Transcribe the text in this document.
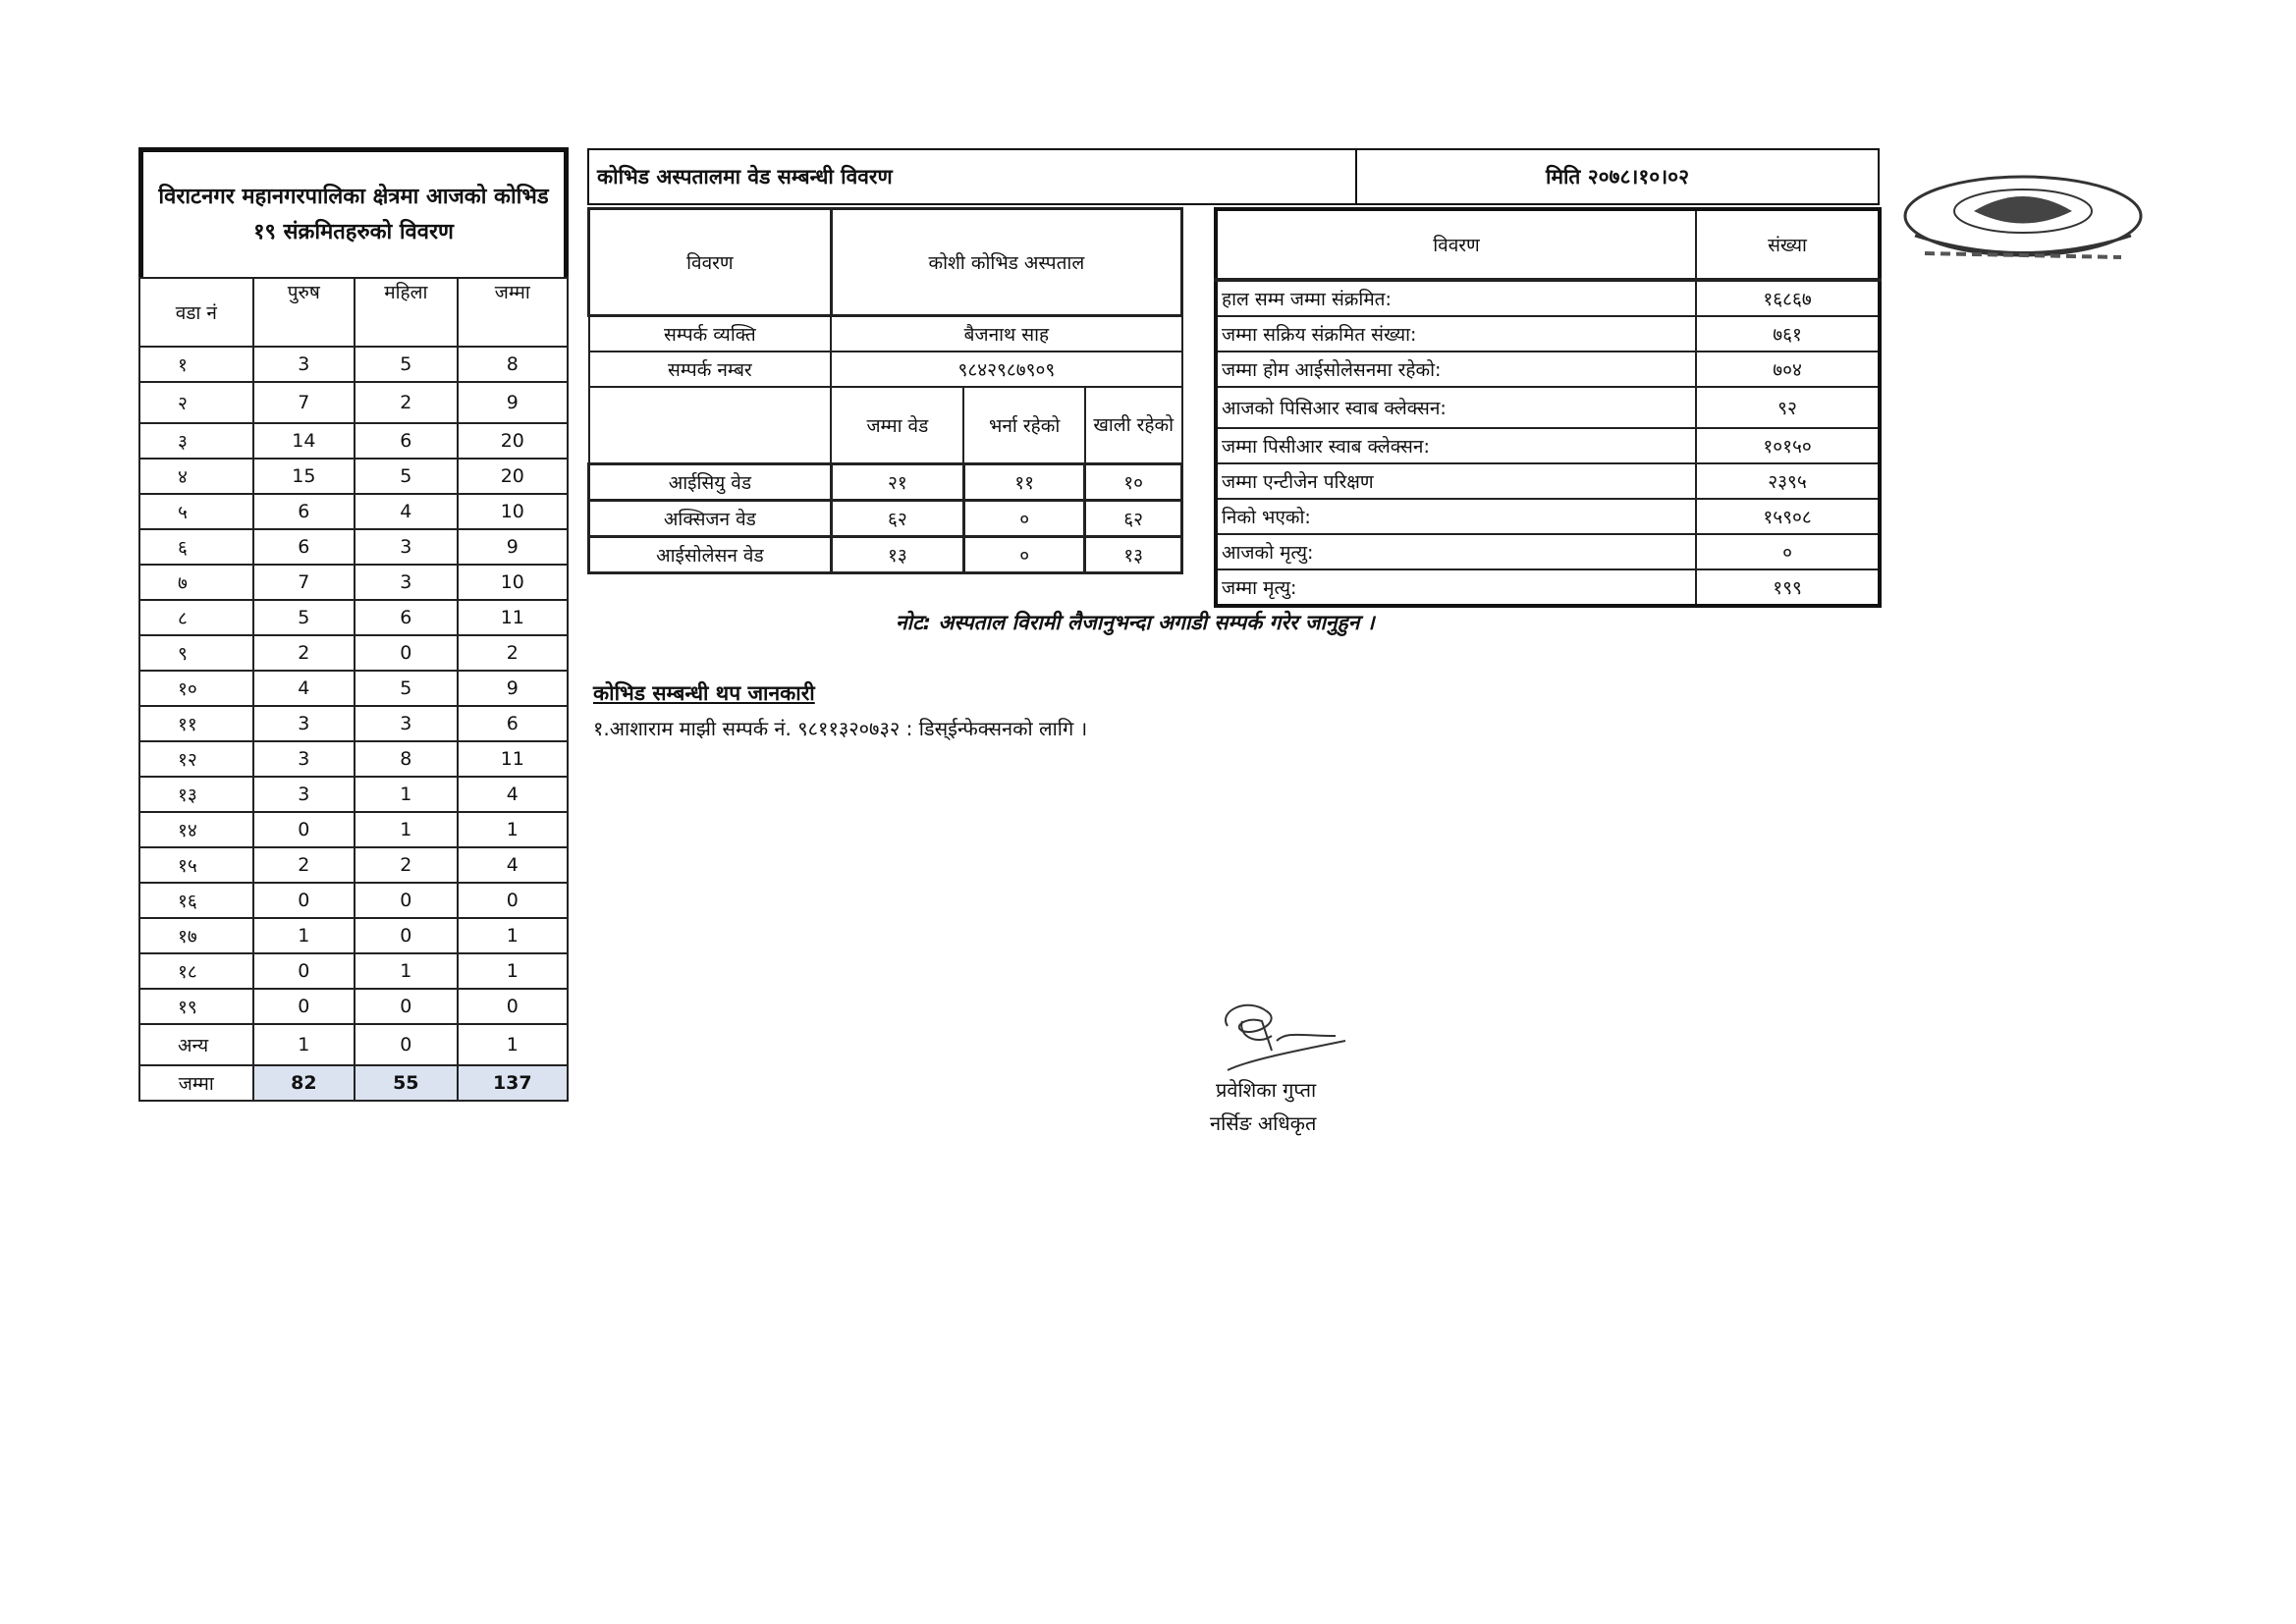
विराटनगर महानगरपालिका क्षेत्रमा आजको कोभिड १९ संक्रमितहरुको विवरण
वडा नं	पुरुष	महिला	जम्मा
१	3	5	8
२	7	2	9
३	14	6	20
४	15	5	20
५	6	4	10
६	6	3	9
७	7	3	10
८	5	6	11
९	2	0	2
१०	4	5	9
११	3	3	6
१२	3	8	11
१३	3	1	4
१४	0	1	1
१५	2	2	4
१६	0	0	0
१७	1	0	1
१८	0	1	1
१९	0	0	0
अन्य	1	0	1
जम्मा	82	55	137
कोभिड अस्पतालमा वेड सम्बन्धी विवरण	मिति २०७८।१०।०२
विवरण	कोशी कोभिड अस्पताल		
सम्पर्क व्यक्ति	बैजनाथ साह		
सम्पर्क नम्बर	९८४२९८७९०९		
	जम्मा वेड	भर्ना रहेको	खाली रहेको
आईसियु वेड	२१	११	१०
अक्सिजन वेड	६२	०	६२
आईसोलेसन वेड	१३	०	१३
विवरण	संख्या
हाल सम्म जम्मा संक्रमित:	१६८६७
जम्मा सक्रिय संक्रमित संख्या:	७६१
जम्मा होम आईसोलेसनमा रहेको:	७०४
आजको पिसिआर स्वाब क्लेक्सन:	९२
जम्मा पिसीआर स्वाब क्लेक्सन:	१०१५०
जम्मा एन्टीजेन परिक्षण	२३९५
निको भएको:	१५९०८
आजको मृत्यु:	०
जम्मा मृत्यु:	१९९
नोट: अस्पताल विरामी लैजानुभन्दा अगाडी सम्पर्क गरेर जानुहुन ।
कोभिड सम्बन्धी थप जानकारी
१.आशाराम माझी सम्पर्क नं. ९८११३२०७३२ : डिस्ईन्फेक्सनको लागि ।
प्रवेशिका गुप्ता
नर्सिङ अधिकृत
